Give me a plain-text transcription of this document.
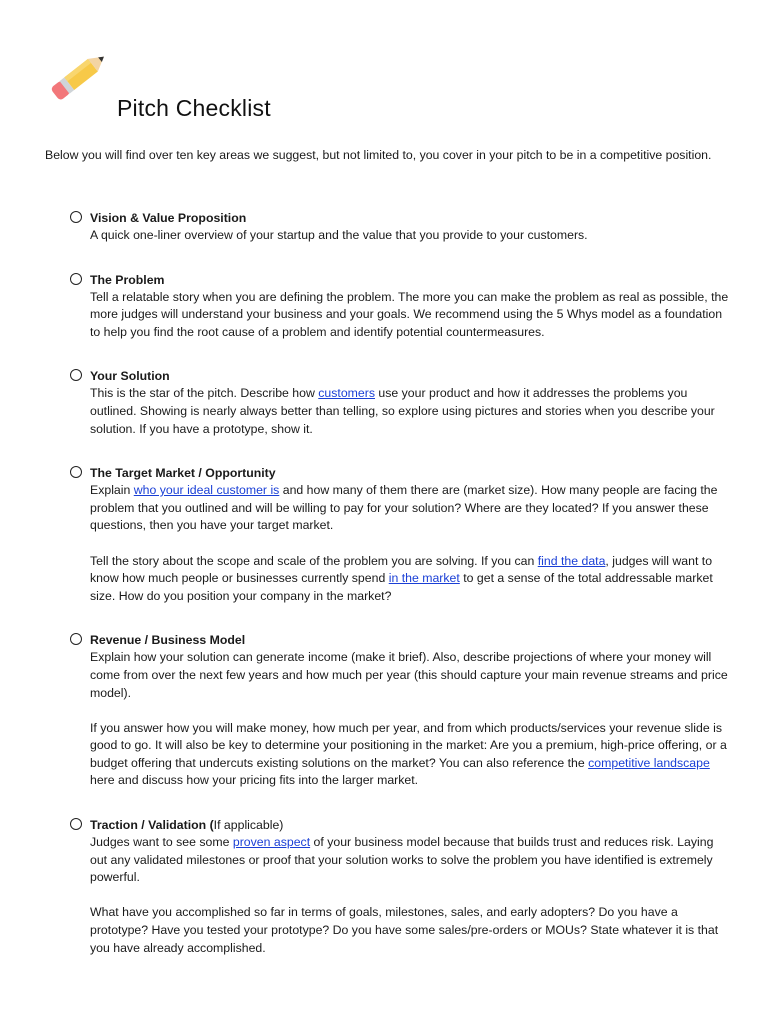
Pitch Checklist
Below you will find over ten key areas we suggest, but not limited to, you cover in your pitch to be in a competitive position.
Vision & Value Proposition
A quick one-liner overview of your startup and the value that you provide to your customers.
The Problem
Tell a relatable story when you are defining the problem. The more you can make the problem as real as possible, the more judges will understand your business and your goals. We recommend using the 5 Whys model as a foundation to help you find the root cause of a problem and identify potential countermeasures.
Your Solution
This is the star of the pitch. Describe how customers use your product and how it addresses the problems you outlined. Showing is nearly always better than telling, so explore using pictures and stories when you describe your solution. If you have a prototype, show it.
The Target Market / Opportunity
Explain who your ideal customer is and how many of them there are (market size). How many people are facing the problem that you outlined and will be willing to pay for your solution? Where are they located? If you answer these questions, then you have your target market.
Tell the story about the scope and scale of the problem you are solving. If you can find the data, judges will want to know how much people or businesses currently spend in the market to get a sense of the total addressable market size. How do you position your company in the market?
Revenue / Business Model
Explain how your solution can generate income (make it brief). Also, describe projections of where your money will come from over the next few years and how much per year (this should capture your main revenue streams and price model).
If you answer how you will make money, how much per year, and from which products/services your revenue slide is good to go. It will also be key to determine your positioning in the market: Are you a premium, high-price offering, or a budget offering that undercuts existing solutions on the market? You can also reference the competitive landscape here and discuss how your pricing fits into the larger market.
Traction / Validation (If applicable)
Judges want to see some proven aspect of your business model because that builds trust and reduces risk. Laying out any validated milestones or proof that your solution works to solve the problem you have identified is extremely powerful.
What have you accomplished so far in terms of goals, milestones, sales, and early adopters? Do you have a prototype? Have you tested your prototype? Do you have some sales/pre-orders or MOUs? State whatever it is that you have already accomplished.
